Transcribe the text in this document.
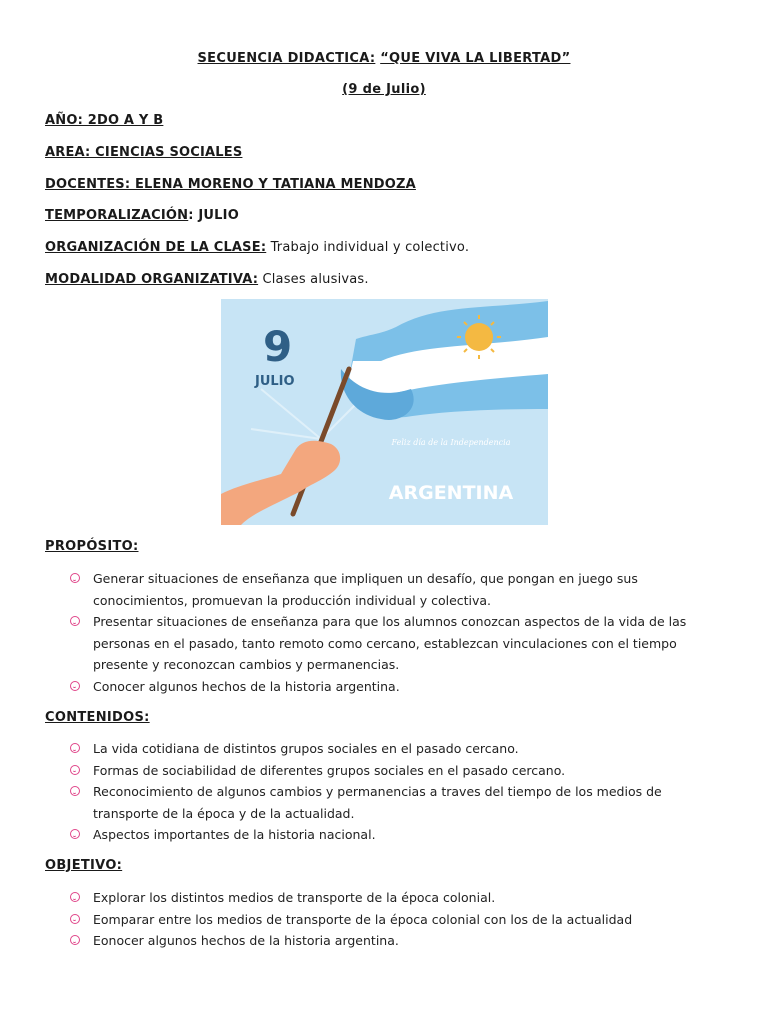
SECUENCIA DIDACTICA: “QUE VIVA LA LIBERTAD”
(9 de Julio)
AÑO: 2DO A Y B
AREA: CIENCIAS SOCIALES
DOCENTES: ELENA MORENO Y TATIANA MENDOZA
TEMPORALIZACIÓN: JULIO
ORGANIZACIÓN DE LA CLASE: Trabajo individual y colectivo.
MODALIDAD ORGANIZATIVA: Clases alusivas.
9
JULIO
Feliz día de la Independencia
ARGENTINA
PROPÓSITO:
Generar situaciones de enseñanza que impliquen un desafío, que pongan en juego sus
conocimientos, promuevan la producción individual y colectiva.
Presentar situaciones de enseñanza para que los alumnos conozcan aspectos de la vida de las
personas en el pasado, tanto remoto como cercano, establezcan vinculaciones con el tiempo
presente y reconozcan cambios y permanencias.
Conocer algunos hechos de la historia argentina.
CONTENIDOS:
La vida cotidiana de distintos grupos sociales en el pasado cercano.
Formas de sociabilidad de diferentes grupos sociales en el pasado cercano.
Reconocimiento de algunos cambios y permanencias a traves del tiempo de los medios de
transporte de la época y de la actualidad.
Aspectos importantes de la historia nacional.
OBJETIVO:
Explorar los distintos medios de transporte de la época colonial.
Eomparar entre los medios de transporte de la época colonial con los de la actualidad
Eonocer algunos hechos de la historia argentina.
